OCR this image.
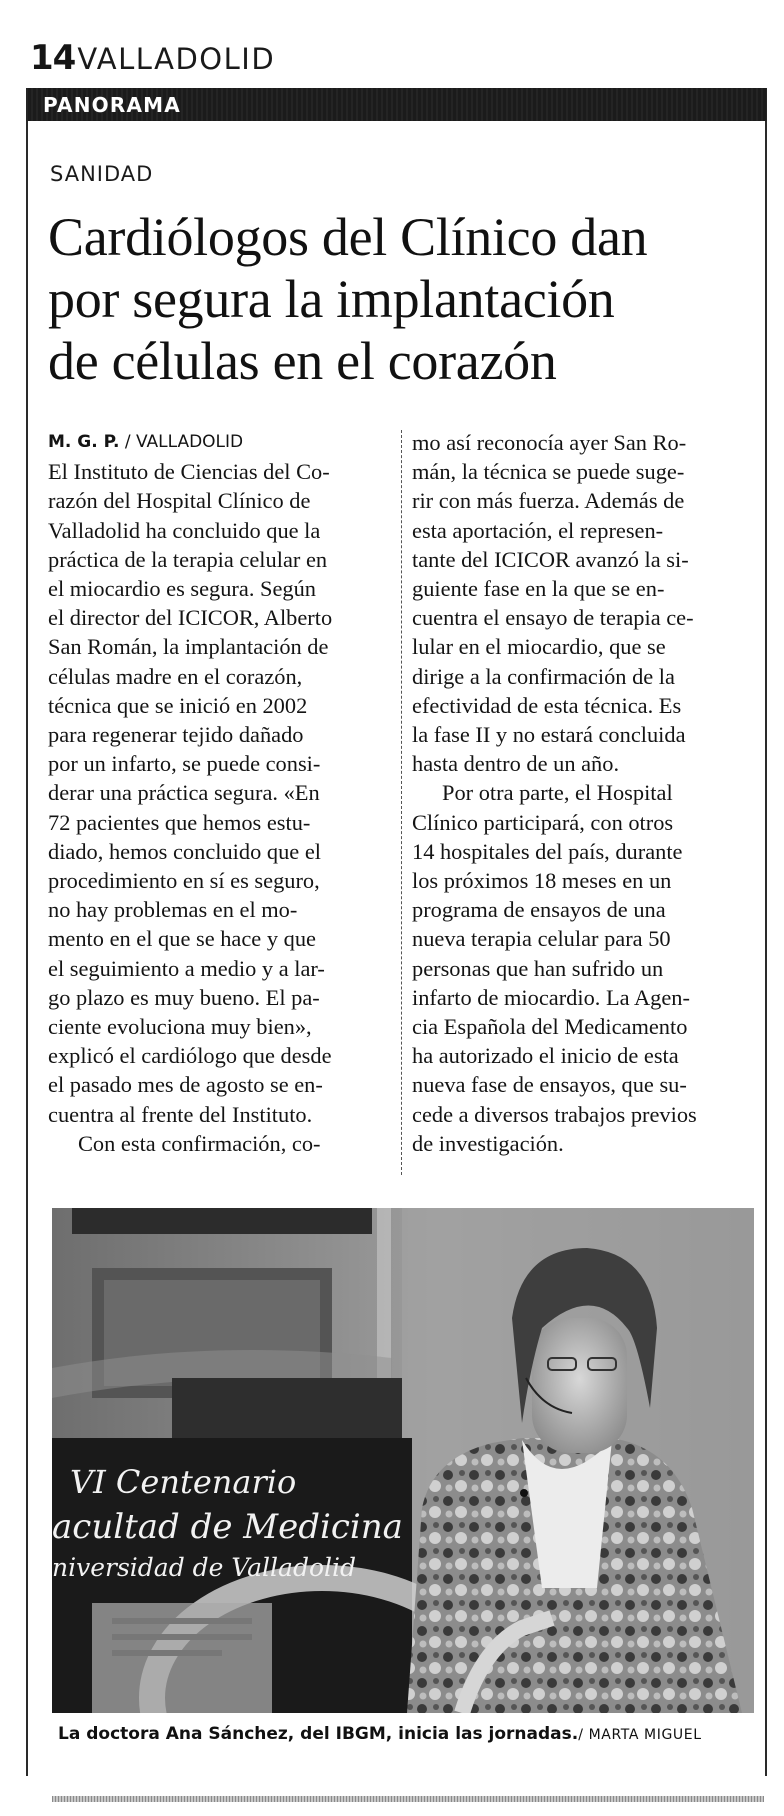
14 VALLADOLID
PANORAMA
SANIDAD
Cardiólogos del Clínico dan
por segura la implantación
de células en el corazón
M. G. P. / VALLADOLID
El Instituto de Ciencias del Co-
razón del Hospital Clínico de
Valladolid ha concluido que la
práctica de la terapia celular en
el miocardio es segura. Según
el director del ICICOR, Alberto
San Román, la implantación de
células madre en el corazón,
técnica que se inició en 2002
para regenerar tejido dañado
por un infarto, se puede consi-
derar una práctica segura. «En
72 pacientes que hemos estu-
diado, hemos concluido que el
procedimiento en sí es seguro,
no hay problemas en el mo-
mento en el que se hace y que
el seguimiento a medio y a lar-
go plazo es muy bueno. El pa-
ciente evoluciona muy bien»,
explicó el cardiólogo que desde
el pasado mes de agosto se en-
cuentra al frente del Instituto.
Con esta confirmación, co-
mo así reconocía ayer San Ro-
mán, la técnica se puede suge-
rir con más fuerza. Además de
esta aportación, el represen-
tante del ICICOR avanzó la si-
guiente fase en la que se en-
cuentra el ensayo de terapia ce-
lular en el miocardio, que se
dirige a la confirmación de la
efectividad de esta técnica. Es
la fase II y no estará concluida
hasta dentro de un año.
Por otra parte, el Hospital
Clínico participará, con otros
14 hospitales del país, durante
los próximos 18 meses en un
programa de ensayos de una
nueva terapia celular para 50
personas que han sufrido un
infarto de miocardio. La Agen-
cia Española del Medicamento
ha autorizado el inicio de esta
nueva fase de ensayos, que su-
cede a diversos trabajos previos
de investigación.
VI Centenario
acultad de Medicina
niversidad de Valladolid
La doctora Ana Sánchez, del IBGM, inicia las jornadas./ MARTA MIGUEL
